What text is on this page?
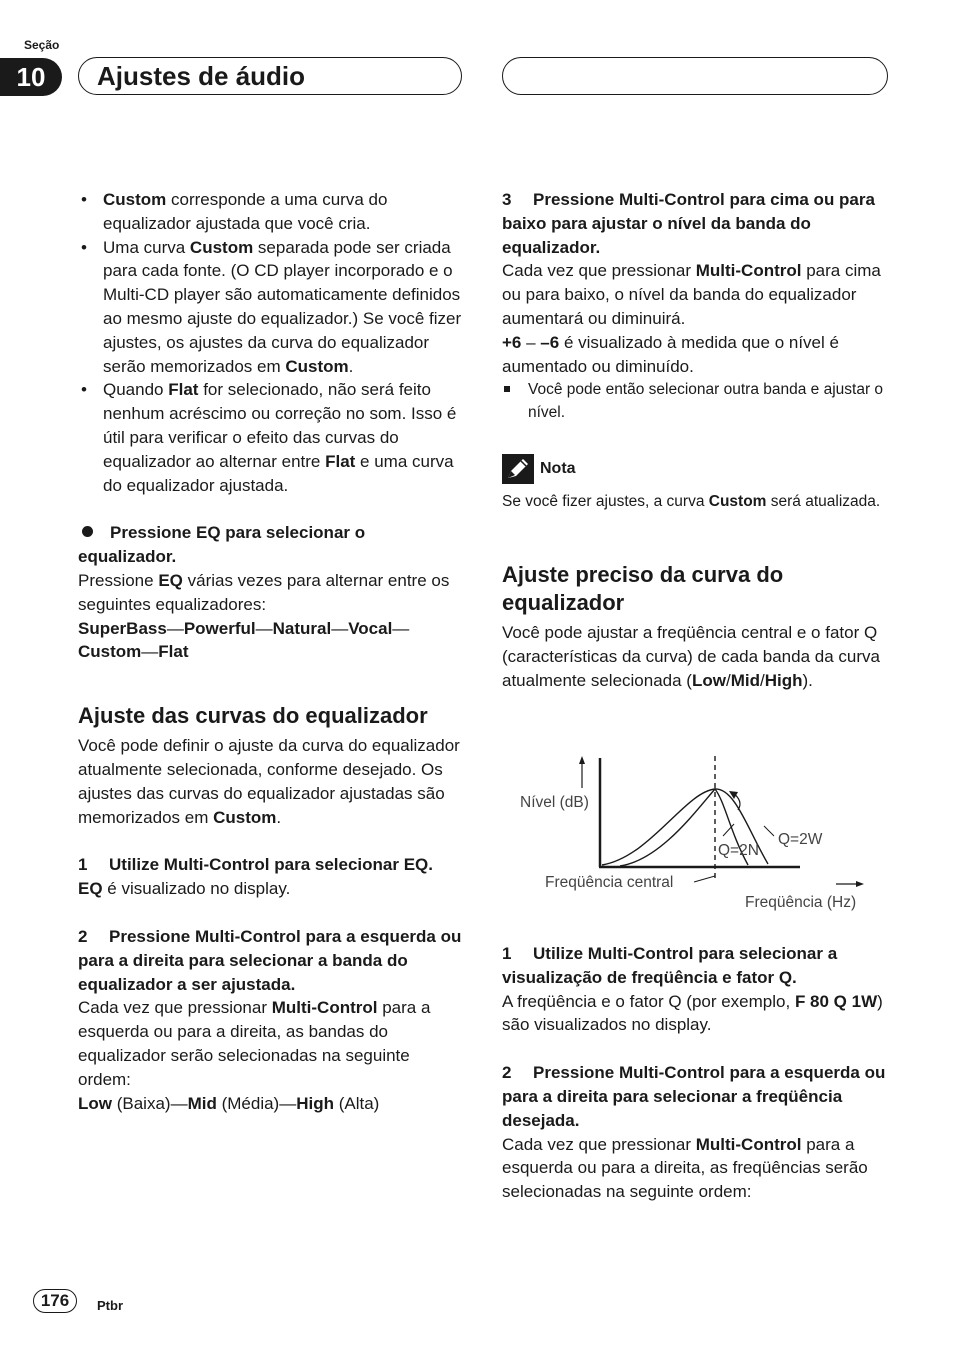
Seção
10	Ajustes de áudio
• Custom corresponde a uma curva do equalizador ajustada que você cria.
• Uma curva Custom separada pode ser criada para cada fonte. (O CD player incorporado e o Multi-CD player são automaticamente definidos ao mesmo ajuste do equalizador.) Se você fizer ajustes, os ajustes da curva do equalizador serão memorizados em Custom.
• Quando Flat for selecionado, não será feito nenhum acréscimo ou correção no som. Isso é útil para verificar o efeito das curvas do equalizador ao alternar entre Flat e uma curva do equalizador ajustada.

Pressione EQ para selecionar o equalizador.

Pressione EQ várias vezes para alternar entre os seguintes equalizadores:

SuperBass—Powerful—Natural—Vocal—Custom—Flat

Ajuste das curvas do equalizador

Você pode definir o ajuste da curva do equalizador atualmente selecionada, conforme desejado. Os ajustes das curvas do equalizador ajustadas são memorizados em Custom.

1 Utilize Multi-Control para selecionar EQ.

EQ é visualizado no display.

2 Pressione Multi-Control para a esquerda ou para a direita para selecionar a banda do equalizador a ser ajustada.

Cada vez que pressionar Multi-Control para a esquerda ou para a direita, as bandas do equalizador serão selecionadas na seguinte ordem:

Low (Baixa)—Mid (Média)—High (Alta)

3 Pressione Multi-Control para cima ou para baixo para ajustar o nível da banda do equalizador.

Cada vez que pressionar Multi-Control para cima ou para baixo, o nível da banda do equalizador aumentará ou diminuirá.

+6 – –6 é visualizado à medida que o nível é aumentado ou diminuído.

Você pode então selecionar outra banda e ajustar o nível.
Nota

Se você fizer ajustes, a curva Custom será atualizada.

Ajuste preciso da curva do equalizador

Você pode ajustar a freqüência central e o fator Q (características da curva) de cada banda da curva atualmente selecionada (Low/Mid/High).

Nível (dB)
Q=2N
Q=2W
Freqüência central
Freqüência (Hz)

1 Utilize Multi-Control para selecionar a visualização de freqüência e fator Q.

A freqüência e o fator Q (por exemplo, F 80 Q 1W) são visualizados no display.

2 Pressione Multi-Control para a esquerda ou para a direita para selecionar a freqüência desejada.

Cada vez que pressionar Multi-Control para a esquerda ou para a direita, as freqüências serão selecionadas na seguinte ordem:

176	Ptbr
